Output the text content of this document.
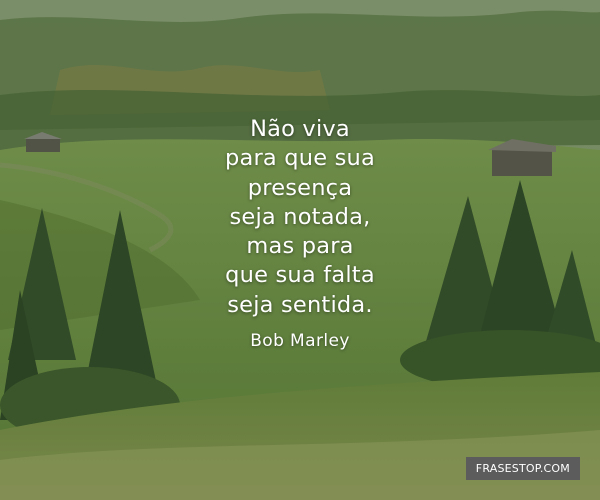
Não viva
para que sua
presença
seja notada,
mas para
que sua falta
seja sentida.
Bob Marley
FRASESTOP.COM
